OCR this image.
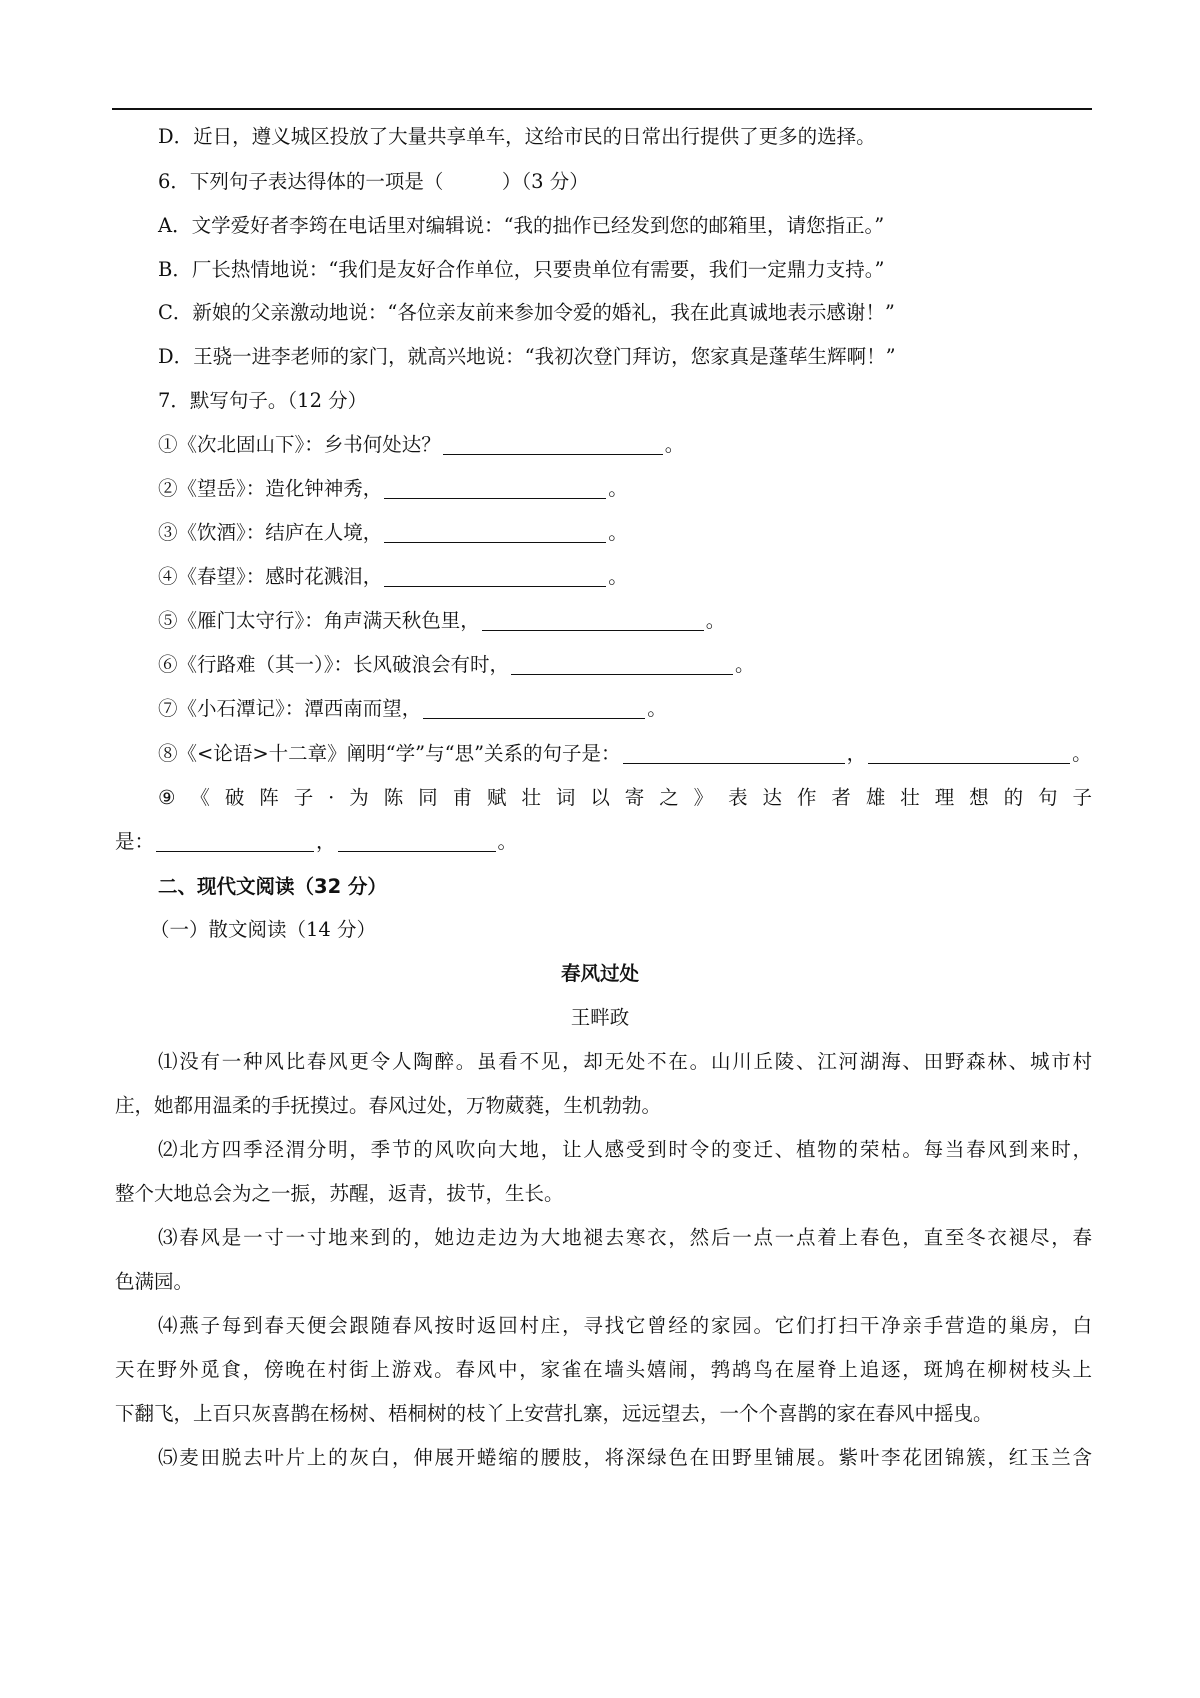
D．近日，遵义城区投放了大量共享单车，这给市民的日常出行提供了更多的选择。
6．下列句子表达得体的一项是（　　　）（3 分）
A．文学爱好者李筠在电话里对编辑说：“我的拙作已经发到您的邮箱里，请您指正。”
B．厂长热情地说：“我们是友好合作单位，只要贵单位有需要，我们一定鼎力支持。”
C．新娘的父亲激动地说：“各位亲友前来参加令爱的婚礼，我在此真诚地表示感谢！”
D．王骁一进李老师的家门，就高兴地说：“我初次登门拜访，您家真是蓬荜生辉啊！”
7．默写句子。（12 分）
①《次北固山下》：乡书何处达？	。
②《望岳》：造化钟神秀，	。
③《饮酒》：结庐在人境，	。
④《春望》：感时花溅泪，	。
⑤《雁门太守行》：角声满天秋色里，	。
⑥《行路难（其一）》：长风破浪会有时，	。
⑦《小石潭记》：潭西南而望，	。
⑧《<论语>十二章》阐明“学”与“思”关系的句子是：	，	。
⑨ 《 破 阵 子 · 为 陈 同 甫 赋 壮 词 以 寄 之 》 表 达 作 者 雄 壮 理 想 的 句 子
是：	，	。
二、现代文阅读（32 分）
（一）散文阅读（14 分）
春风过处
王畔政
⑴没有一种风比春风更令人陶醉。虽看不见，却无处不在。山川丘陵、江河湖海、田野森林、城市村
庄，她都用温柔的手抚摸过。春风过处，万物葳蕤，生机勃勃。
⑵北方四季泾渭分明，季节的风吹向大地，让人感受到时令的变迁、植物的荣枯。每当春风到来时，
整个大地总会为之一振，苏醒，返青，拔节，生长。
⑶春风是一寸一寸地来到的，她边走边为大地褪去寒衣，然后一点一点着上春色，直至冬衣褪尽，春
色满园。
⑷燕子每到春天便会跟随春风按时返回村庄，寻找它曾经的家园。它们打扫干净亲手营造的巢房，白
天在野外觅食，傍晚在村街上游戏。春风中，家雀在墙头嬉闹，鹁鸪鸟在屋脊上追逐，斑鸠在柳树枝头上
下翻飞，上百只灰喜鹊在杨树、梧桐树的枝丫上安营扎寨，远远望去，一个个喜鹊的家在春风中摇曳。
⑸麦田脱去叶片上的灰白，伸展开蜷缩的腰肢，将深绿色在田野里铺展。紫叶李花团锦簇，红玉兰含
